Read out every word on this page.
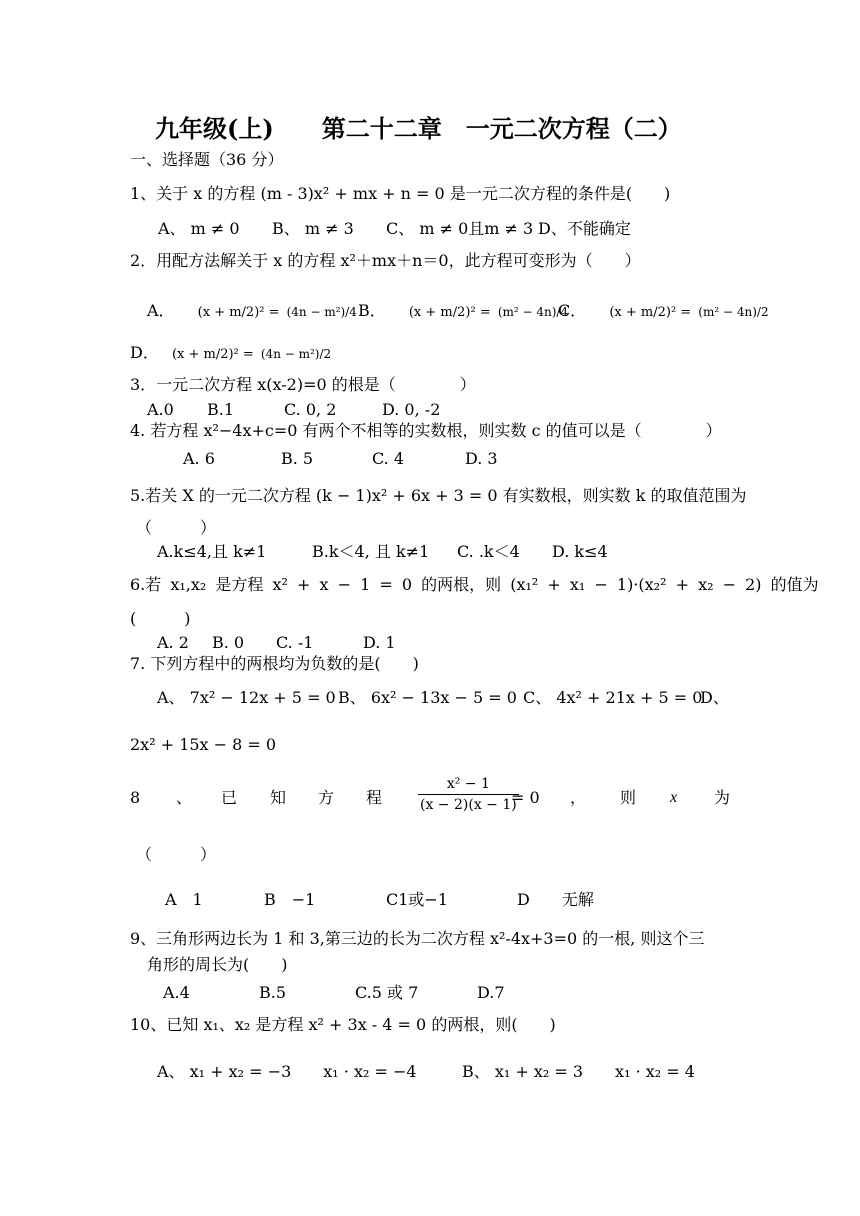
九年级(上)　　第二十二章　一元二次方程（二）
一、选择题（36 分）
1、关于 x 的方程 (m - 3)x² + mx + n = 0 是一元二次方程的条件是(　　)
A、 m ≠ 0 B、 m ≠ 3 C、 m ≠ 0且m ≠ 3 D、不能确定
2．用配方法解关于 x 的方程 x²＋mx＋n＝0，此方程可变形为（　　）
A． (x + m/2)² = (4n − m²)/4 B． (x + m/2)² = (m² − 4n)/4
C． (x + m/2)² = (m² − 4n)/2
D． (x + m/2)² = (4n − m²)/2
3．一元二次方程 x(x-2)=0 的根是（　　　　）
A.0 B.1	C. 0, 2	D. 0, -2
4. 若方程 x²−4x+c=0 有两个不相等的实数根，则实数 c 的值可以是（　　　　）
A. 6	B. 5	C. 4	D. 3
5.若关 X 的一元二次方程 (k − 1)x² + 6x + 3 = 0 有实数根，则实数 k 的取值范围为
（　　　）
A.k≤4,且 k≠1	B.k＜4, 且 k≠1 C. .k＜4 D. k≤4
6.若 x₁,x₂ 是方程 x² + x − 1 = 0 的两根，则 (x₁² + x₁ − 1)·(x₂² + x₂ − 2) 的值为
(　　　)
A. 2 B. 0 C. -1	D. 1
7. 下列方程中的两根均为负数的是(　　)
A、 7x² − 12x + 5 = 0 B、 6x² − 13x − 5 = 0 C、 4x² + 21x + 5 = 0
D、
2x² + 15x − 8 = 0
8 、 已 知 方 程	$\frac{\text{x² − 1}}{(x - 2)(x - 1)}$
= 0 ， 则 x 为
（　　　）
A　1	B　−1	C1或−1	D　　无解
9、三角形两边长为 1 和 3,第三边的长为二次方程 x²-4x+3=0 的一根, 则这个三
角形的周长为(　　)
A.4	B.5	C.5 或 7	D.7
10、已知 x₁、x₂ 是方程 x² + 3x - 4 = 0 的两根，则(　　)
A、 x₁ + x₂ = −3　　x₁ · x₂ = −4	B、 x₁ + x₂ = 3　　x₁ · x₂ = 4
